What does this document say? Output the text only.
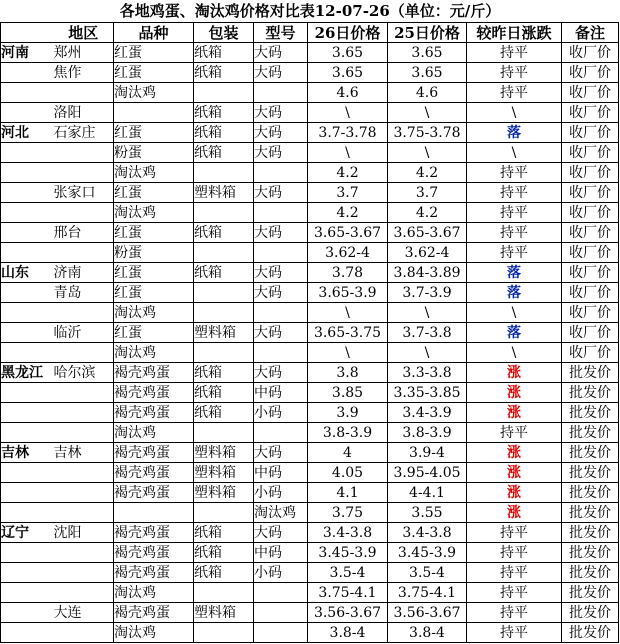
各地鸡蛋、淘汰鸡价格对比表12-07-26（单位：元/斤）
	地区	品种	包装	型号	26日价格	25日价格	较昨日涨跌	备注
河南	郑州	红蛋	纸箱	大码	3.65	3.65	持平	收厂价
	焦作	红蛋	纸箱	大码	3.65	3.65	持平	收厂价
		淘汰鸡			4.6	4.6	持平	收厂价
	洛阳		纸箱	大码	\	\	\	收厂价
河北	石家庄	红蛋	纸箱	大码	3.7-3.78	3.75-3.78	落	收厂价
		粉蛋	纸箱	大码	\	\	\	收厂价
		淘汰鸡			4.2	4.2	持平	收厂价
	张家口	红蛋	塑料箱	大码	3.7	3.7	持平	收厂价
		淘汰鸡			4.2	4.2	持平	收厂价
	邢台	红蛋	纸箱	大码	3.65-3.67	3.65-3.67	持平	收厂价
		粉蛋			3.62-4	3.62-4	持平	收厂价
山东	济南	红蛋	纸箱	大码	3.78	3.84-3.89	落	收厂价
	青岛	红蛋		大码	3.65-3.9	3.7-3.9	落	收厂价
		淘汰鸡			\	\	\	收厂价
	临沂	红蛋	塑料箱	大码	3.65-3.75	3.7-3.8	落	收厂价
		淘汰鸡			\	\	\	收厂价
黑龙江	哈尔滨	褐壳鸡蛋	纸箱	大码	3.8	3.3-3.8	涨	批发价
		褐壳鸡蛋	纸箱	中码	3.85	3.35-3.85	涨	批发价
		褐壳鸡蛋	纸箱	小码	3.9	3.4-3.9	涨	批发价
		淘汰鸡			3.8-3.9	3.8-3.9	持平	批发价
吉林	吉林	褐壳鸡蛋	塑料箱	大码	4	3.9-4	涨	批发价
		褐壳鸡蛋	塑料箱	中码	4.05	3.95-4.05	涨	批发价
		褐壳鸡蛋	塑料箱	小码	4.1	4-4.1	涨	批发价
				淘汰鸡	3.75	3.55	涨	批发价
辽宁	沈阳	褐壳鸡蛋	纸箱	大码	3.4-3.8	3.4-3.8	持平	批发价
		褐壳鸡蛋	纸箱	中码	3.45-3.9	3.45-3.9	持平	批发价
		褐壳鸡蛋	纸箱	小码	3.5-4	3.5-4	持平	批发价
		淘汰鸡			3.75-4.1	3.75-4.1	持平	批发价
	大连	褐壳鸡蛋	塑料箱		3.56-3.67	3.56-3.67	持平	批发价
		淘汰鸡			3.8-4	3.8-4	持平	批发价
